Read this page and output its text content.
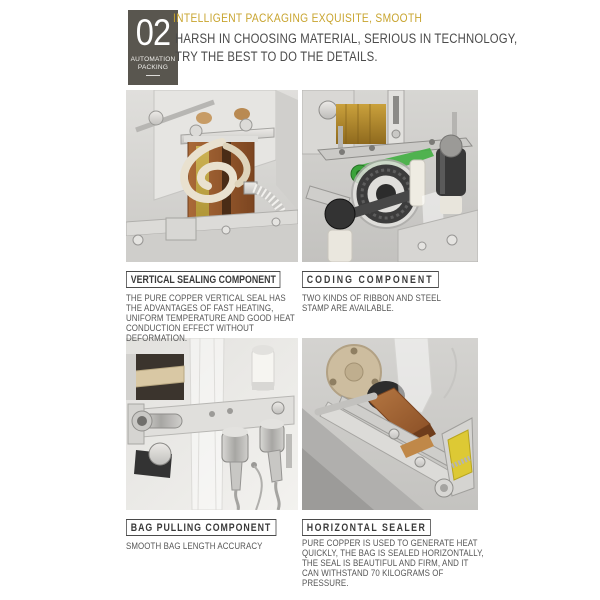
02
AUTOMATION
PACKING
INTELLIGENT PACKAGING EXQUISITE, SMOOTH
HARSH IN CHOOSING MATERIAL, SERIOUS IN TECHNOLOGY,
TRY THE BEST TO DO THE DETAILS.
VERTICAL SEALING COMPONENT
THE PURE COPPER VERTICAL SEAL HAS THE ADVANTAGES OF FAST HEATING, UNIFORM TEMPERATURE AND GOOD HEAT CONDUCTION EFFECT WITHOUT DEFORMATION.
CODING COMPONENT
TWO KINDS OF RIBBON AND STEEL STAMP ARE AVAILABLE.
BAG PULLING COMPONENT
SMOOTH BAG LENGTH ACCURACY
HORIZONTAL SEALER
PURE COPPER IS USED TO GENERATE HEAT QUICKLY, THE BAG IS SEALED HORIZONTALLY, THE SEAL IS BEAUTIFUL AND FIRM, AND IT CAN WITHSTAND 70 KILOGRAMS OF PRESSURE.
